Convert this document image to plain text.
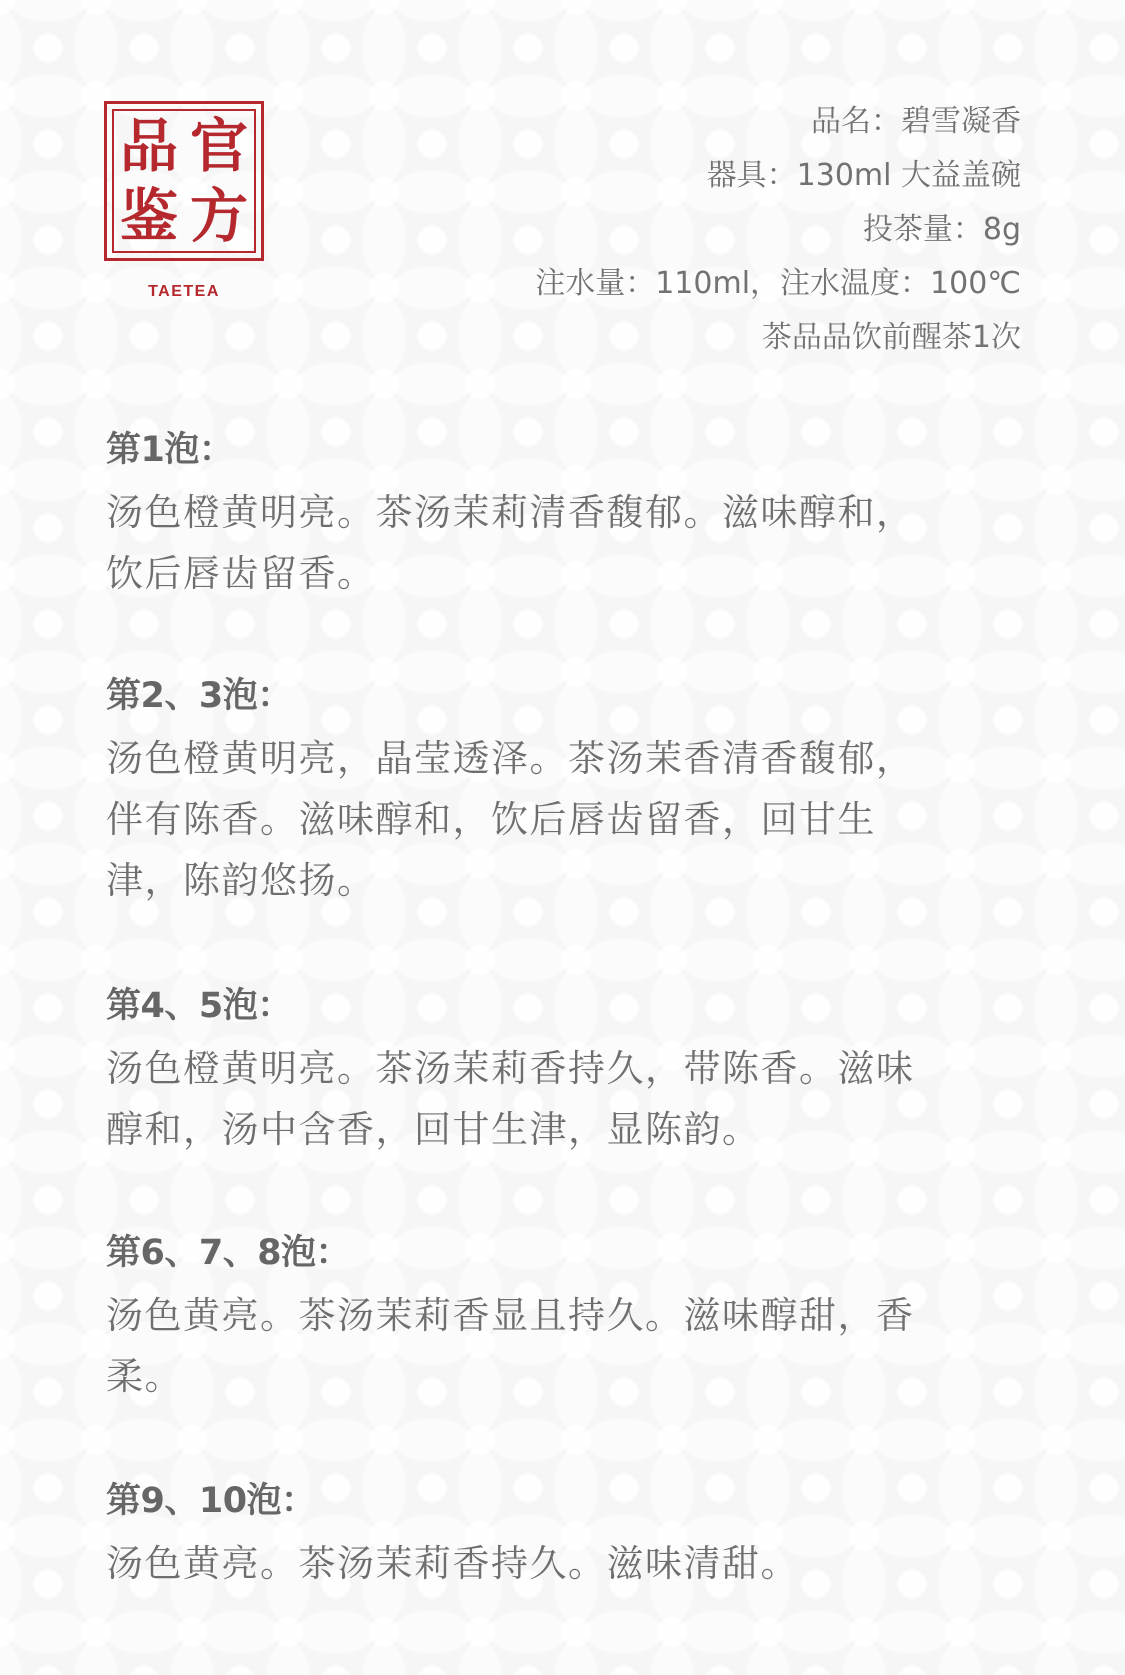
品 官
鉴 方
TAETEA
品名：碧雪凝香
器具：130ml 大益盖碗
投茶量：8g
注水量：110ml，注水温度：100℃
茶品品饮前醒茶1次
第1泡：
汤色橙黄明亮。茶汤茉莉清香馥郁。滋味醇和，
饮后唇齿留香。
第2、3泡：
汤色橙黄明亮，晶莹透泽。茶汤茉香清香馥郁，
伴有陈香。滋味醇和，饮后唇齿留香，回甘生
津，陈韵悠扬。
第4、5泡：
汤色橙黄明亮。茶汤茉莉香持久，带陈香。滋味
醇和，汤中含香，回甘生津，显陈韵。
第6、7、8泡：
汤色黄亮。茶汤茉莉香显且持久。滋味醇甜，香
柔。
第9、10泡：
汤色黄亮。茶汤茉莉香持久。滋味清甜。
